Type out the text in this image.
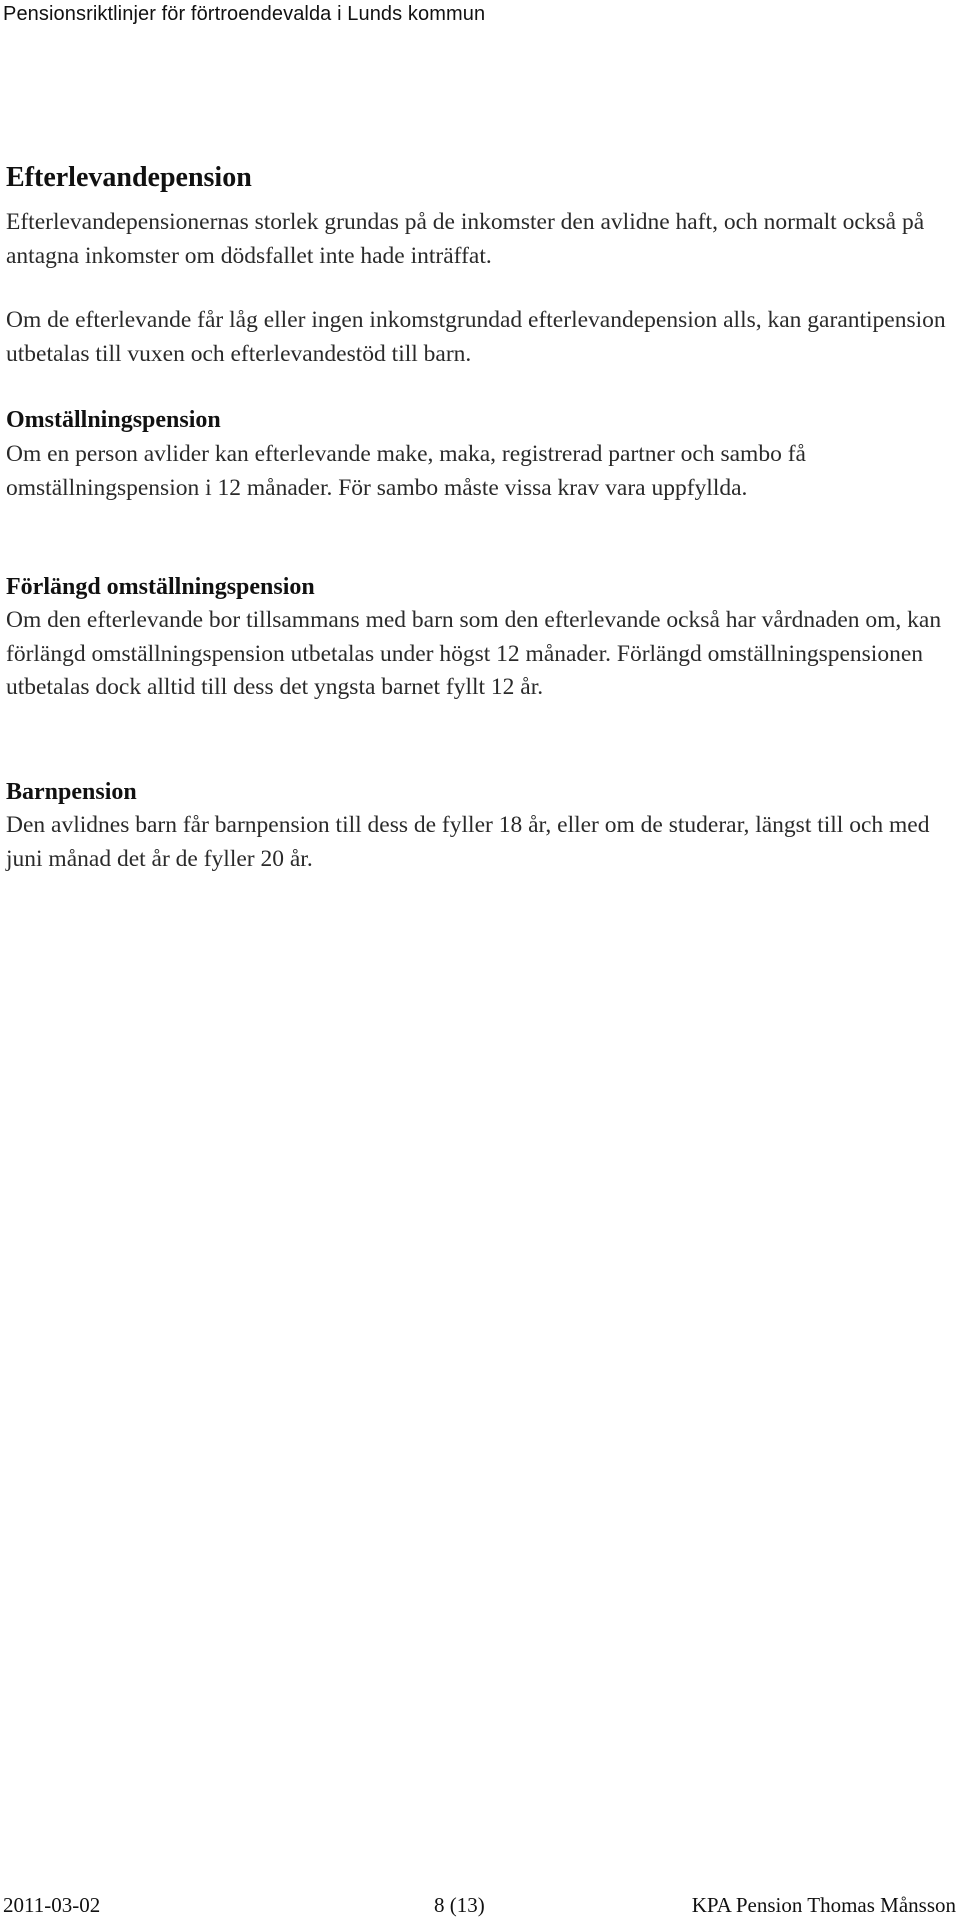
Pensionsriktlinjer för förtroendevalda i Lunds kommun
Efterlevandepension

Efterlevandepensionernas storlek grundas på de inkomster den avlidne haft, och normalt också på antagna inkomster om dödsfallet inte hade inträffat.

Om de efterlevande får låg eller ingen inkomstgrundad efterlevandepension alls, kan garantipension utbetalas till vuxen och efterlevandestöd till barn.

Omställningspension

Om en person avlider kan efterlevande make, maka, registrerad partner och sambo få omställningspension i 12 månader. För sambo måste vissa krav vara uppfyllda.

Förlängd omställningspension

Om den efterlevande bor tillsammans med barn som den efterlevande också har vårdnaden om, kan förlängd omställningspension utbetalas under högst 12 månader. Förlängd omställningspensionen utbetalas dock alltid till dess det yngsta barnet fyllt 12 år.

Barnpension

Den avlidnes barn får barnpension till dess de fyller 18 år, eller om de studerar, längst till och med juni månad det år de fyller 20 år.

2011-03-02	8 (13)	KPA Pension Thomas Månsson
